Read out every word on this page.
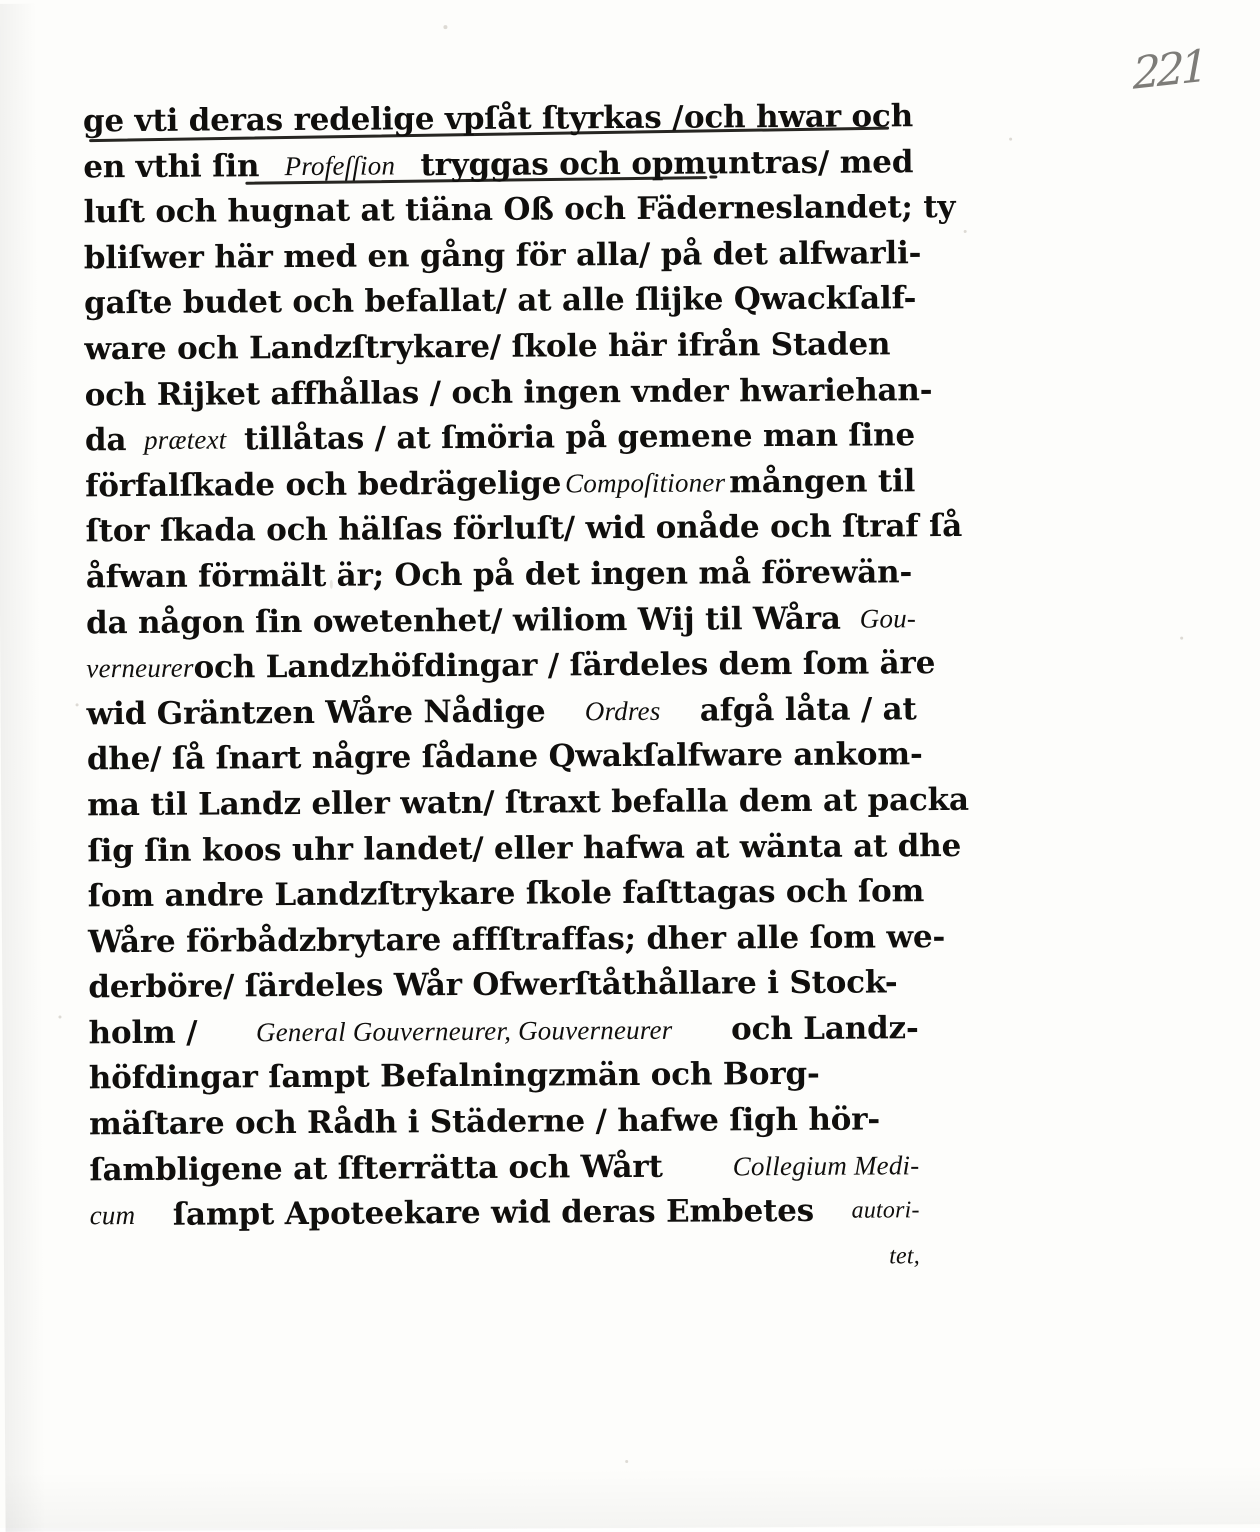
221
ge vti deras redelige vpſåt ſtyrkas / och hwar och
en vthi ſin Profeſſion tryggas och opmuntras/ med
luſt och hugnat at tiäna Oß och Fäderneslandet; ty
bliſwer här med en gång för alla/ på det alfwarli-
gaſte budet och befallat/ at alle ſlijke Qwackſalf-
ware och Landzſtrykare/ ſkole här ifrån Staden
och Rijket affhållas / och ingen vnder hwariehan-
da prætext tillåtas / at ſmöria på gemene man ſine
förfalſkade och bedrägelige Compoſitioner mången til
ſtor ſkada och hälſas förluſt/ wid onåde och ſtraf ſå
åfwan förmält är; Och på det ingen må förewän-
da någon ſin owetenhet/ wiliom Wij til Wåra Gou-
verneurer och Landzhöfdingar / ſärdeles dem ſom äre
wid Gräntzen Wåre Nådige Ordres afgå låta / at
dhe/ ſå ſnart någre ſådane Qwakſalfware ankom-
ma til Landz eller watn/ ſtraxt befalla dem at packa
ſig ſin koos uhr landet/ eller hafwa at wänta at dhe
ſom andre Landzſtrykare ſkole faſttagas och ſom
Wåre förbådzbrytare affſtraffas; dher alle ſom we-
derböre/ ſärdeles Wår Ofwerſtåthållare i Stock-
holm / General Gouverneurer, Gouverneurer och Landz-
höfdingar ſampt Befalningzmän och Borg-
mäſtare och Rådh i Städerne / hafwe ſigh hör-
ſambligene at ſfterrätta och Wårt	Collegium Medi-
cum ſampt Apoteekare wid deras Embetes autori-
tet,
